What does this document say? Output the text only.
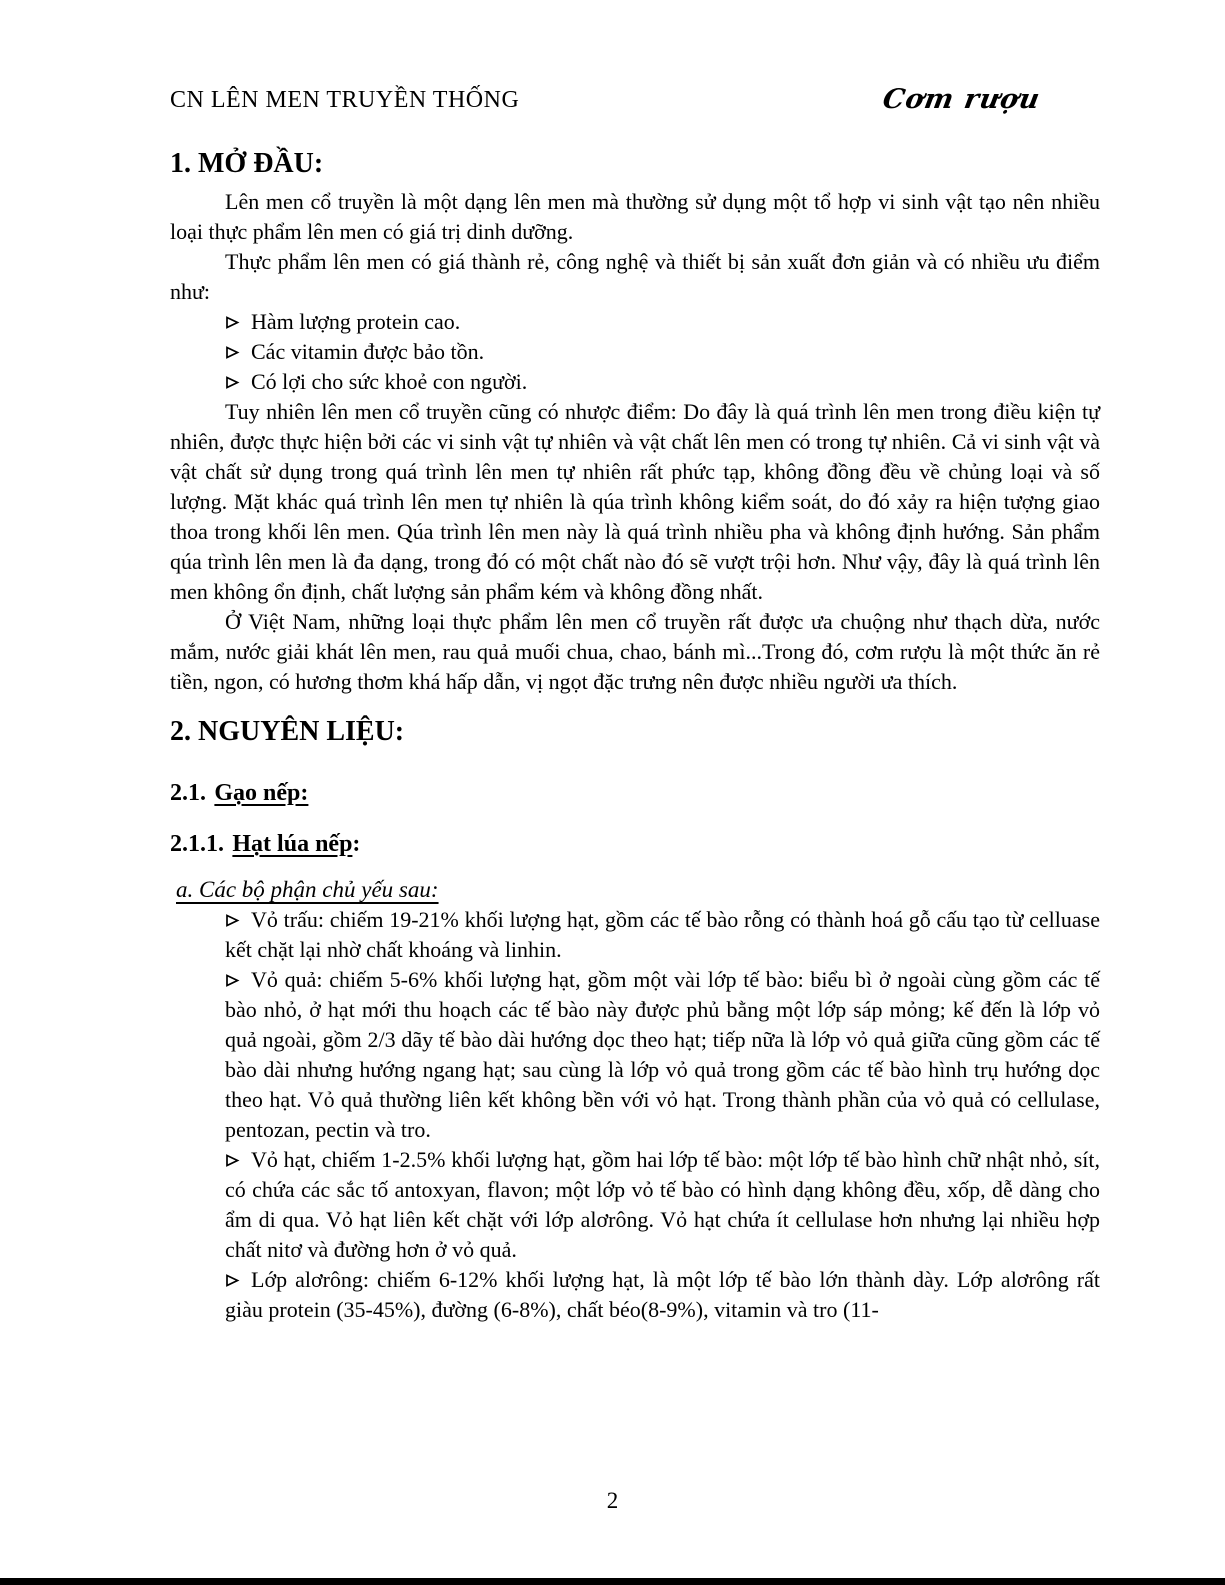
CN LÊN MEN TRUYỀN THỐNG	Cơm rượu
1. MỞ ĐẦU:

Lên men cổ truyền là một dạng lên men mà thường sử dụng một tổ hợp vi sinh vật tạo nên nhiều loại thực phẩm lên men có giá trị dinh dưỡng.

Thực phẩm lên men có giá thành rẻ, công nghệ và thiết bị sản xuất đơn giản và có nhiều ưu điểm như:

Hàm lượng protein cao.

Các vitamin được bảo tồn.

Có lợi cho sức khoẻ con người.

Tuy nhiên lên men cổ truyền cũng có nhược điểm: Do đây là quá trình lên men trong điều kiện tự nhiên, được thực hiện bởi các vi sinh vật tự nhiên và vật chất lên men có trong tự nhiên. Cả vi sinh vật và vật chất sử dụng trong quá trình lên men tự nhiên rất phức tạp, không đồng đều về chủng loại và số lượng. Mặt khác quá trình lên men tự nhiên là qúa trình không kiểm soát, do đó xảy ra hiện tượng giao thoa trong khối lên men. Qúa trình lên men này là quá trình nhiều pha và không định hướng. Sản phẩm qúa trình lên men là đa dạng, trong đó có một chất nào đó sẽ vượt trội hơn. Như vậy, đây là quá trình lên men không ổn định, chất lượng sản phẩm kém và không đồng nhất.

Ở Việt Nam, những loại thực phẩm lên men cổ truyền rất được ưa chuộng như thạch dừa, nước mắm, nước giải khát lên men, rau quả muối chua, chao, bánh mì...Trong đó, cơm rượu là một thức ăn rẻ tiền, ngon, có hương thơm khá hấp dẫn, vị ngọt đặc trưng nên được nhiều người ưa thích.

2. NGUYÊN LIỆU:
2.1. Gạo nếp:
2.1.1. Hạt lúa nếp:
a. Các bộ phận chủ yếu sau:

Vỏ trấu: chiếm 19-21% khối lượng hạt, gồm các tế bào rỗng có thành hoá gỗ cấu tạo từ celluase kết chặt lại nhờ chất khoáng và linhin.

Vỏ quả: chiếm 5-6% khối lượng hạt, gồm một vài lớp tế bào: biểu bì ở ngoài cùng gồm các tế bào nhỏ, ở hạt mới thu hoạch các tế bào này được phủ bằng một lớp sáp mỏng; kế đến là lớp vỏ quả ngoài, gồm 2/3 dãy tế bào dài hướng dọc theo hạt; tiếp nữa là lớp vỏ quả giữa cũng gồm các tế bào dài nhưng hướng ngang hạt; sau cùng là lớp vỏ quả trong gồm các tế bào hình trụ hướng dọc theo hạt. Vỏ quả thường liên kết không bền với vỏ hạt. Trong thành phần của vỏ quả có cellulase, pentozan, pectin và tro.

Vỏ hạt, chiếm 1-2.5% khối lượng hạt, gồm hai lớp tế bào: một lớp tế bào hình chữ nhật nhỏ, sít, có chứa các sắc tố antoxyan, flavon; một lớp vỏ tế bào có hình dạng không đều, xốp, dễ dàng cho ẩm di qua. Vỏ hạt liên kết chặt với lớp alơrông. Vỏ hạt chứa ít cellulase hơn nhưng lại nhiều hợp chất nitơ và đường hơn ở vỏ quả.

Lớp alơrông: chiếm 6-12% khối lượng hạt, là một lớp tế bào lớn thành dày. Lớp alơrông rất giàu protein (35-45%), đường (6-8%), chất béo(8-9%), vitamin và tro (11-

2
